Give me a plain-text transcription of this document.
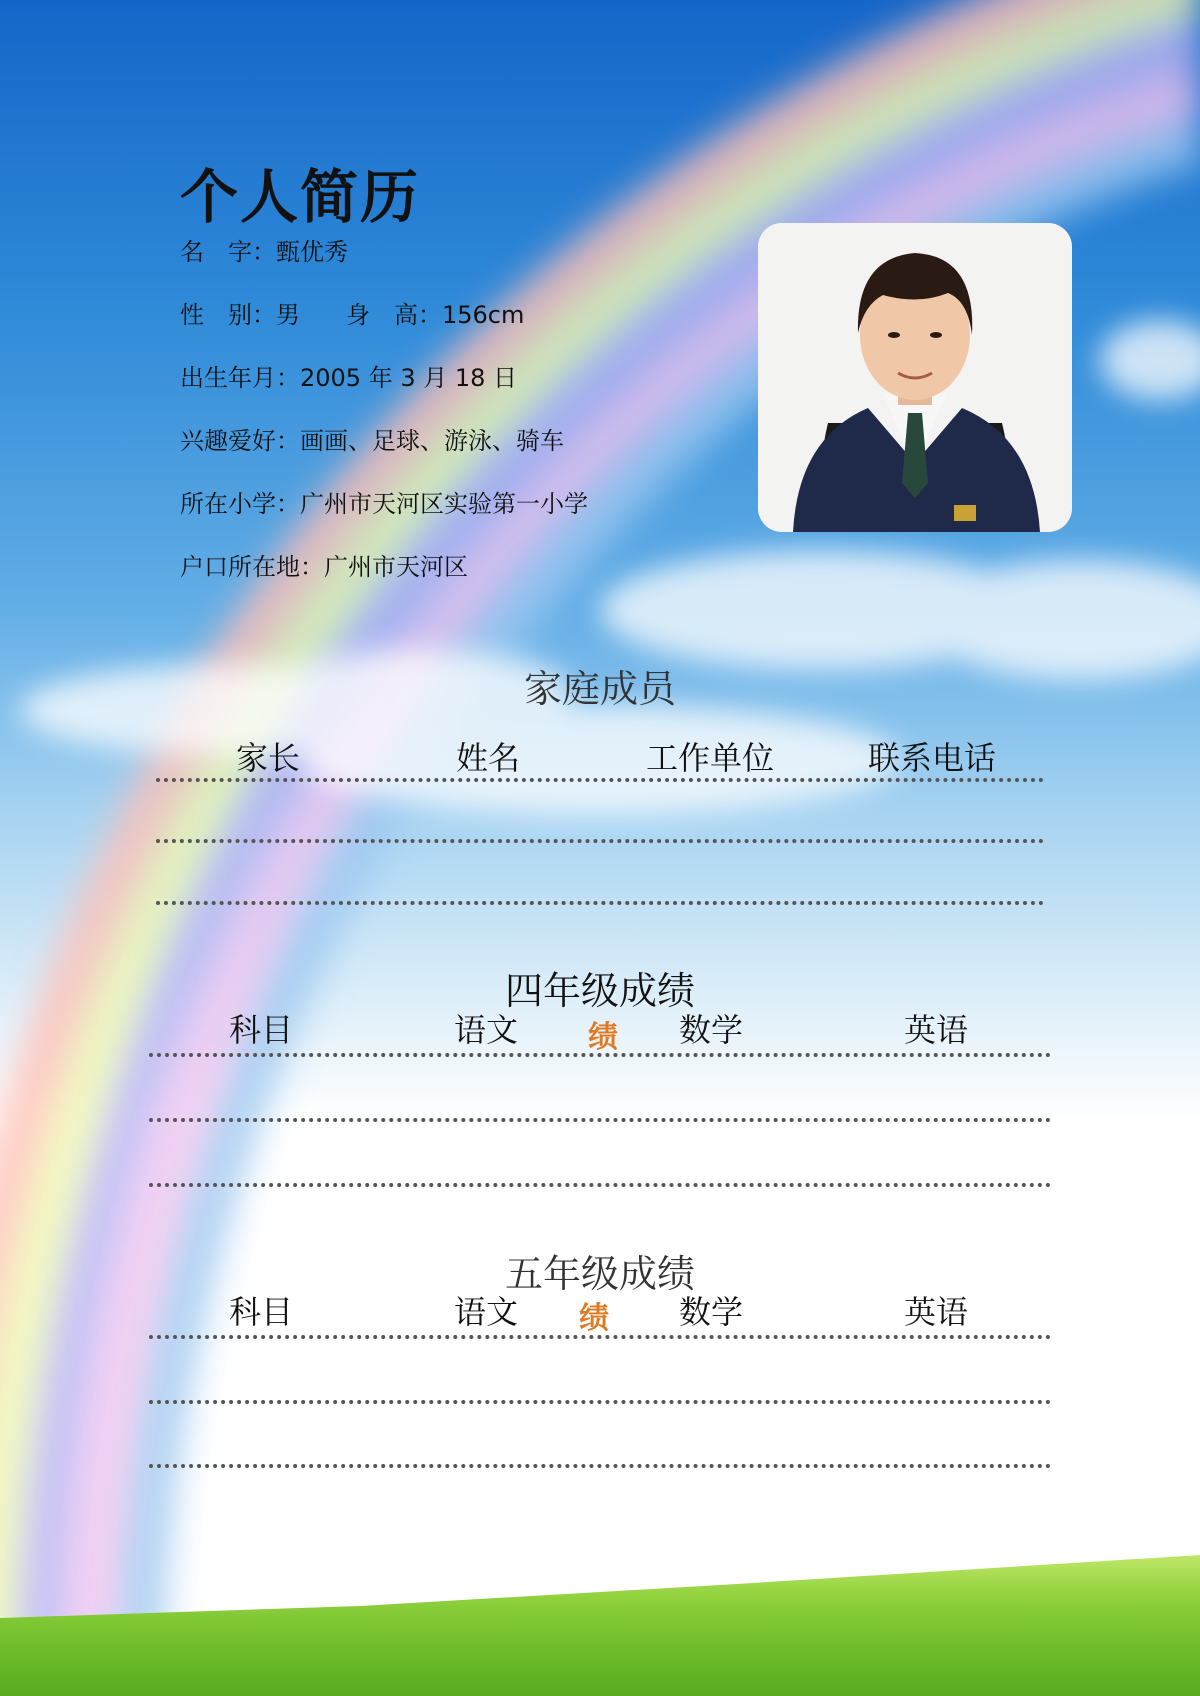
个人简历
名　字：甄优秀
性　别：男 身　高：156cm
出生年月：2005 年 3 月 18 日
兴趣爱好：画画、足球、游泳、骑车
所在小学：广州市天河区实验第一小学
户口所在地：广州市天河区
家庭成员
家长	姓名	工作单位	联系电话
四年级成绩
科目	语文	数学	英语
绩
五年级成绩
科目	语文	数学	英语
绩
